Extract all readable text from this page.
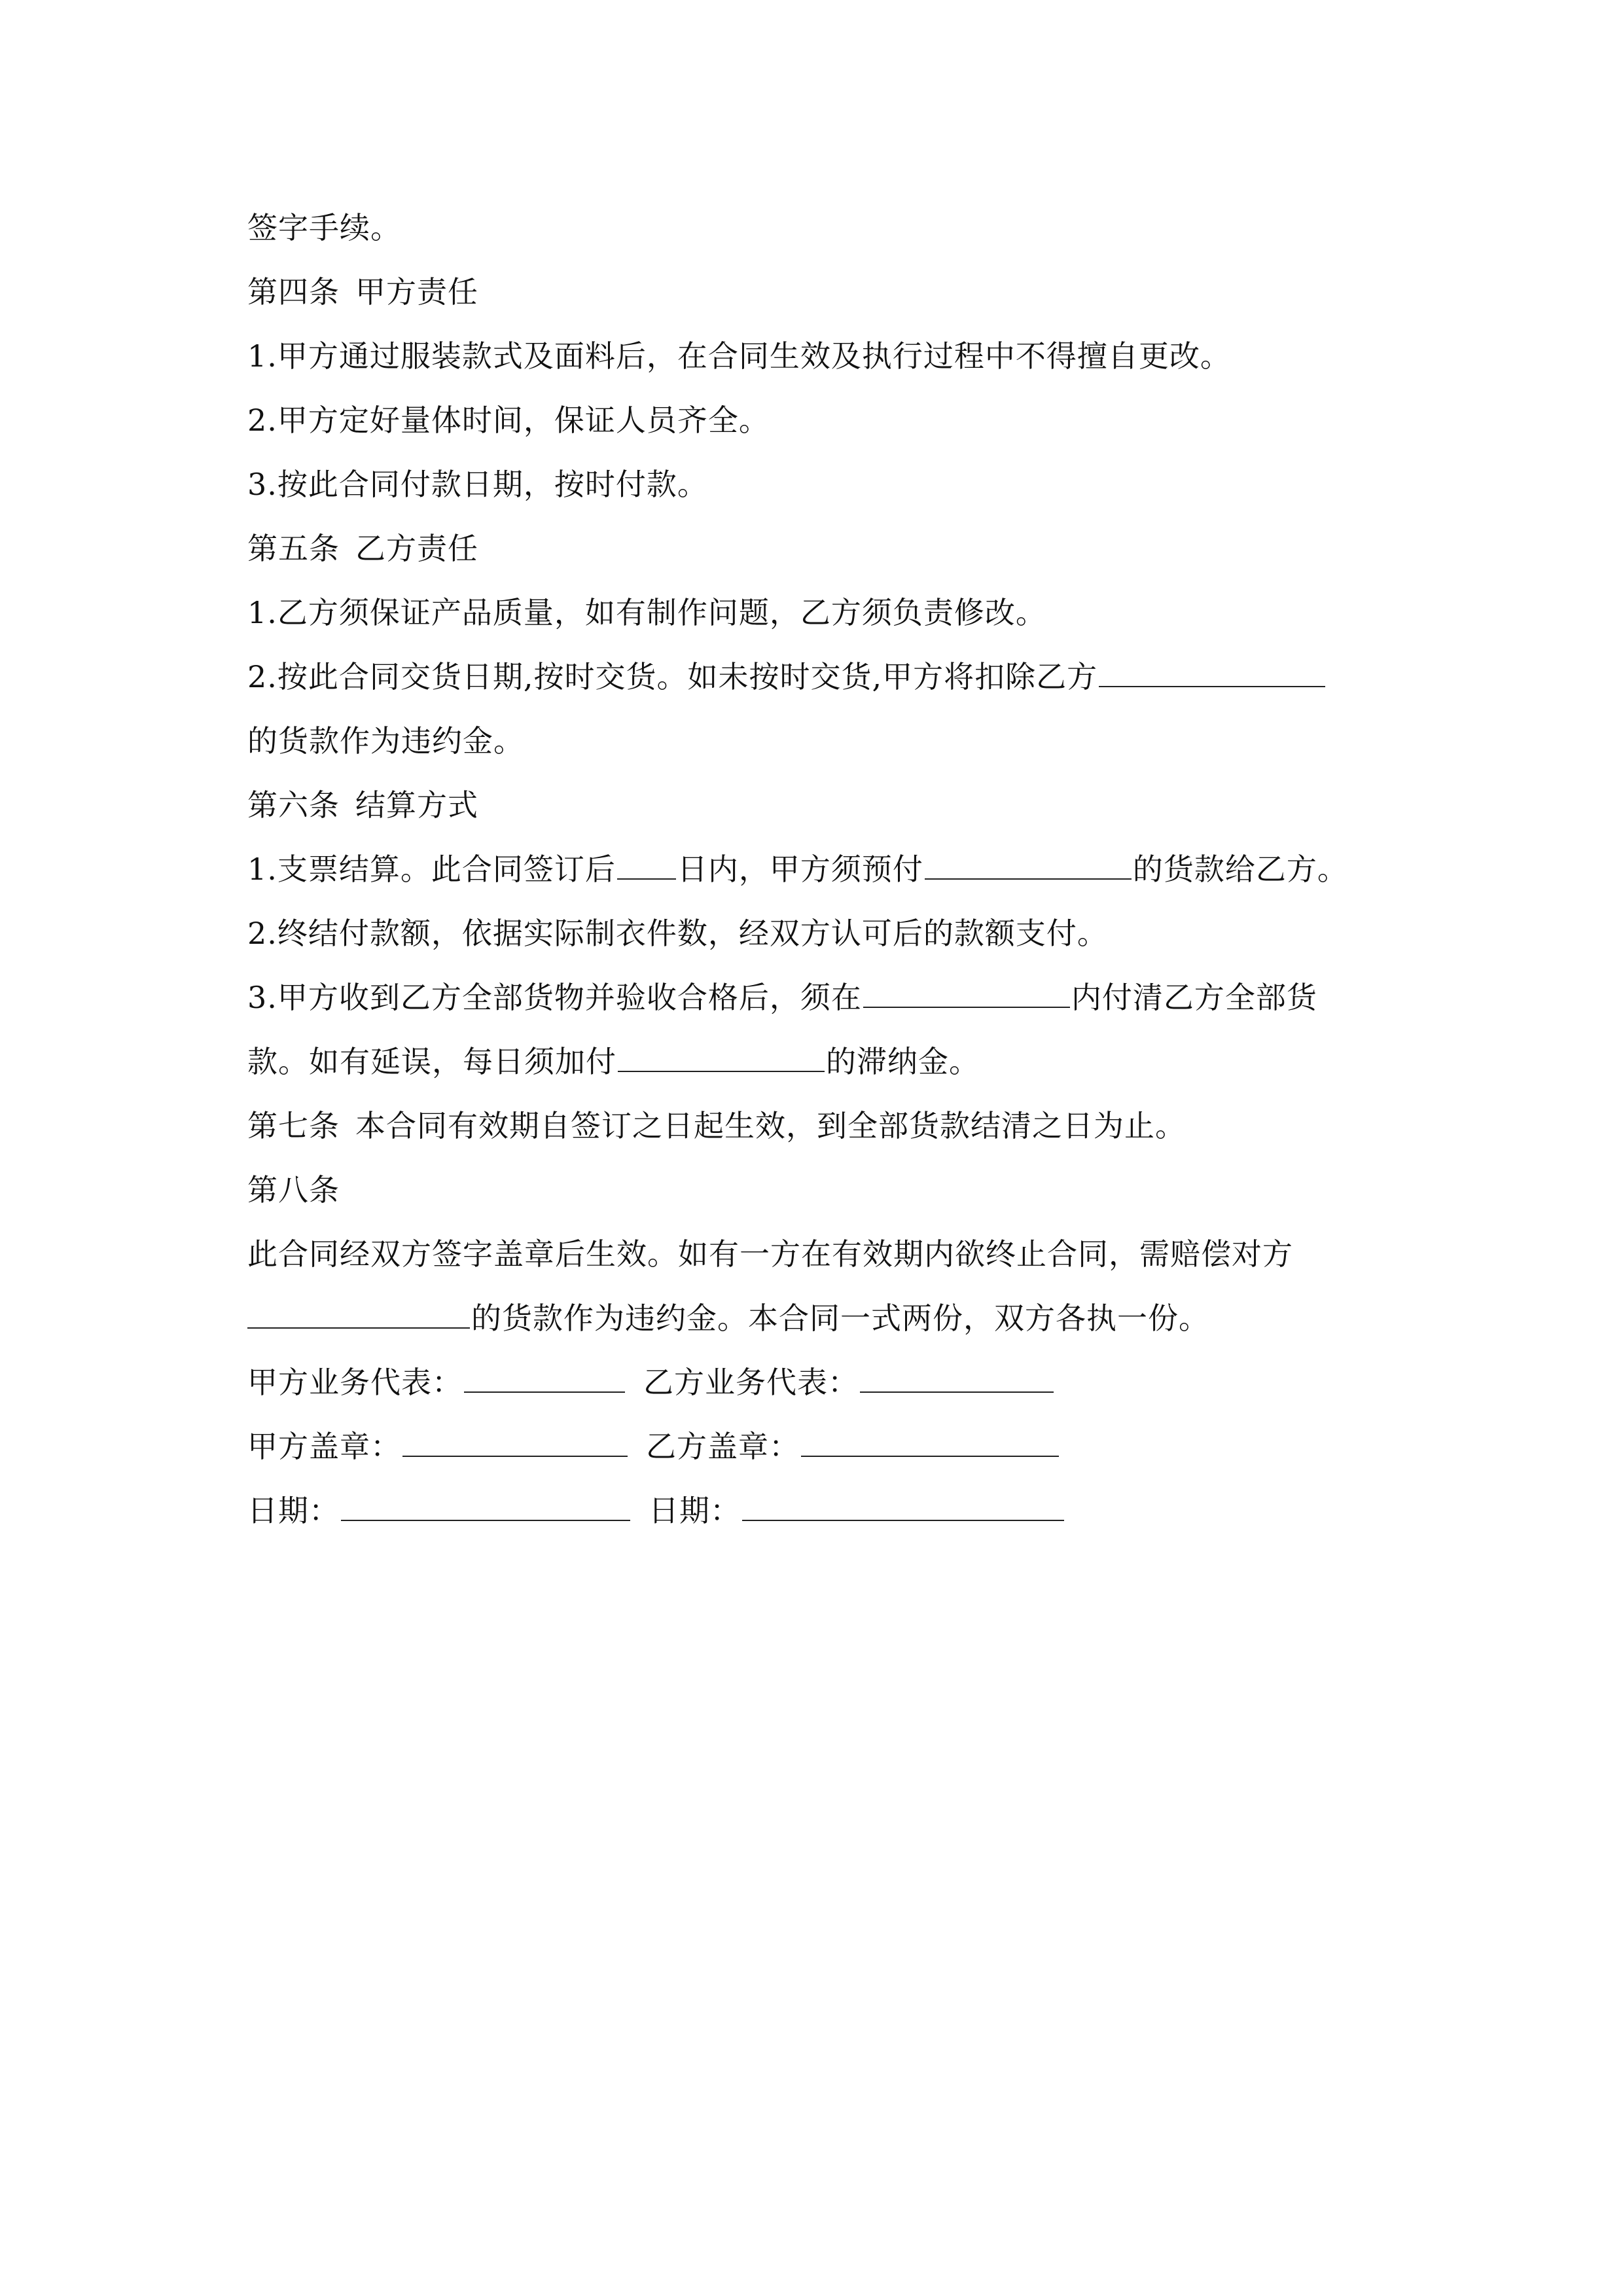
签字手续。
第四条 甲方责任
1.甲方通过服装款式及面料后，在合同生效及执行过程中不得擅自更改。
2.甲方定好量体时间，保证人员齐全。
3.按此合同付款日期，按时付款。
第五条 乙方责任
1.乙方须保证产品质量，如有制作问题，乙方须负责修改。
2.按此合同交货日期,按时交货。如未按时交货,甲方将扣除乙方
的货款作为违约金。
第六条 结算方式
1.支票结算。此合同签订后 日内，甲方须预付	的货款给乙方。
2.终结付款额，依据实际制衣件数，经双方认可后的款额支付。
3.甲方收到乙方全部货物并验收合格后，须在	内付清乙方全部货
款。如有延误，每日须加付	的滞纳金。
第七条 本合同有效期自签订之日起生效，到全部货款结清之日为止。
第八条
此合同经双方签字盖章后生效。如有一方在有效期内欲终止合同，需赔偿对方
的货款作为违约金。本合同一式两份，双方各执一份。
甲方业务代表：	乙方业务代表：
甲方盖章：	乙方盖章：
日期：	日期：
